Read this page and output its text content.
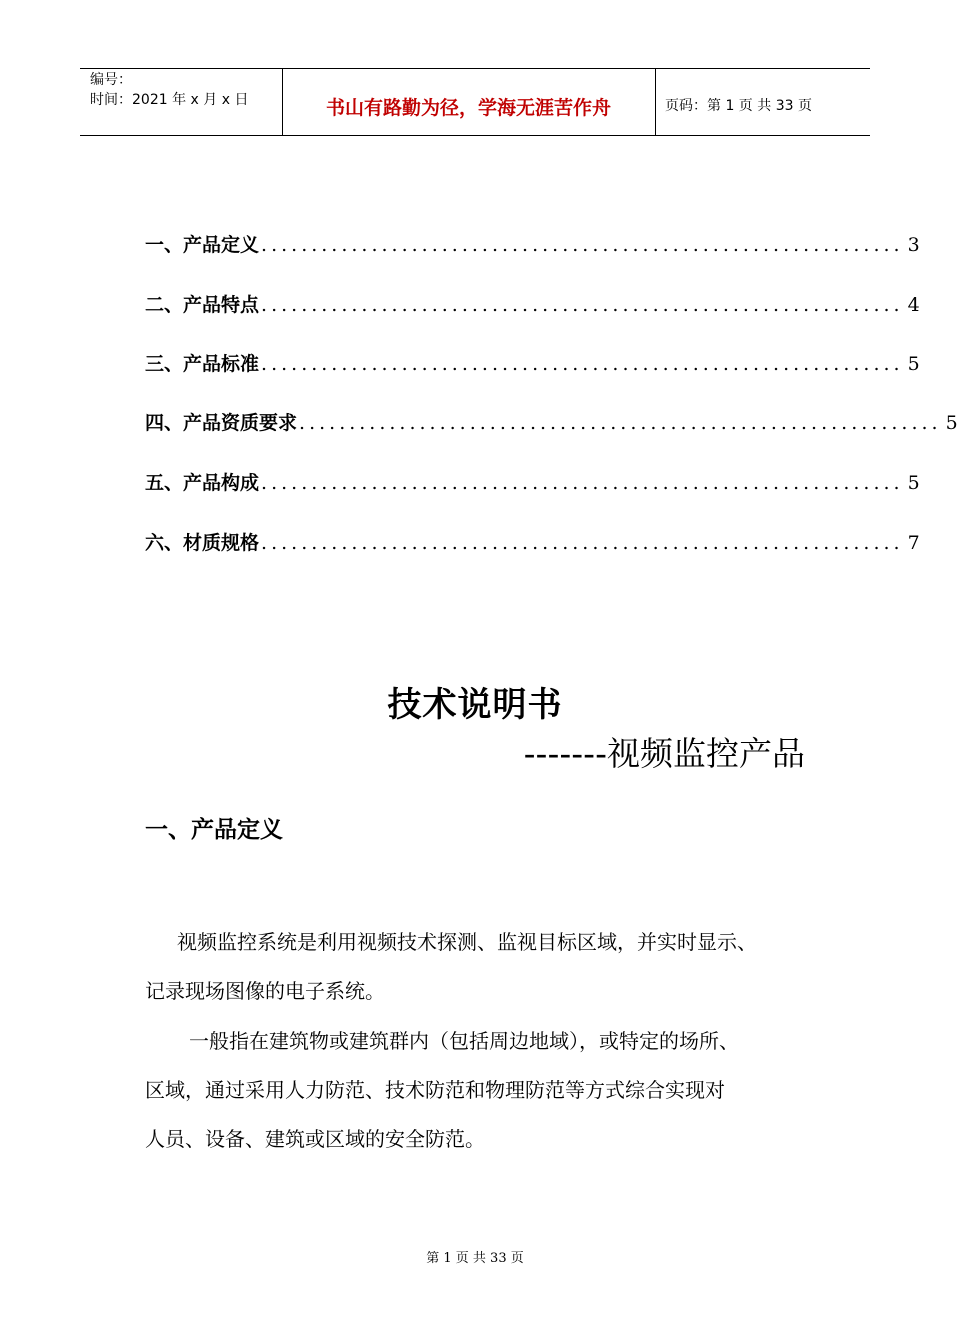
编号：
时间：2021 年 x 月 x 日	书山有路勤为径，学海无涯苦作舟	页码：第 1 页 共 33 页
一、 产品定义 ................................................................ 3
二、 产品特点 ................................................................ 4
三、 产品标准 ................................................................ 5
四、 产品资质要求 ................................................................ 5
五、 产品构成 ................................................................ 5
六、 材质规格 ................................................................ 7
技术说明书
-------视频监控产品
一、产品定义
视频监控系统是利用视频技术探测、监视目标区域，并实时显示、
记录现场图像的电子系统。
一般指在建筑物或建筑群内（包括周边地域），或特定的场所、
区域，通过采用人力防范、技术防范和物理防范等方式综合实现对
人员、设备、建筑或区域的安全防范。
第 1 页 共 33 页
